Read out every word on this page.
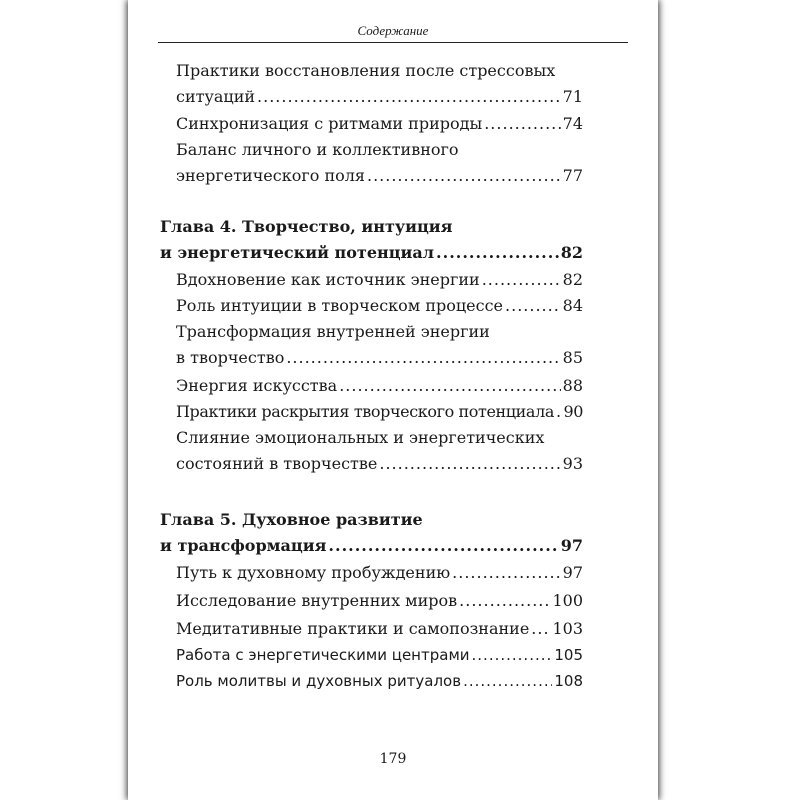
Содержание
Практики восстановления после стрессовых
ситуаций .....	71
Синхронизация с ритмами природы .....	74
Баланс личного и коллективного
энергетического поля .....	77
Глава 4. Творчество, интуиция
и энергетический потенциал .....	82
Вдохновение как источник энергии .....	82
Роль интуиции в творческом процессе .....	84
Трансформация внутренней энергии
в творчество .....	85
Энергия искусства .....	88
Практики раскрытия творческого потенциала ..... 90
Слияние эмоциональных и энергетических
состояний в творчестве .....	93
Глава 5. Духовное развитие
и трансформация .....	97
Путь к духовному пробуждению .....	97
Исследование внутренних миров .....	100
Медитативные практики и самопознание ..... 103
Работа с энергетическими центрами .....	105
Роль молитвы и духовных ритуалов .....	108
179
